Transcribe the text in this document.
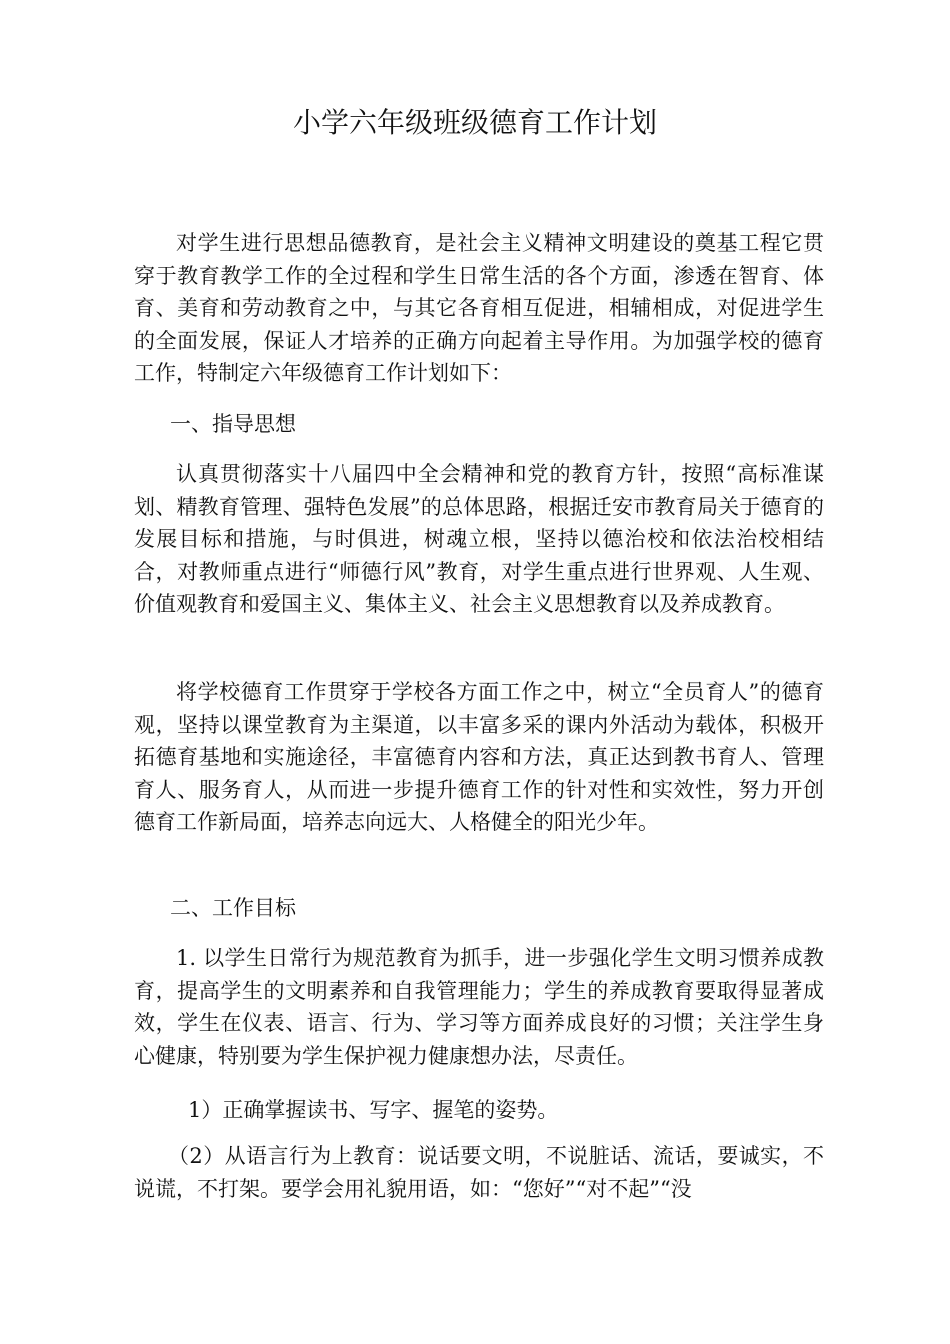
小学六年级班级德育工作计划

对学生进行思想品德教育，是社会主义精神文明建设的奠基工程它贯穿于教育教学工作的全过程和学生日常生活的各个方面，渗透在智育、体育、美育和劳动教育之中，与其它各育相互促进，相辅相成，对促进学生的全面发展，保证人才培养的正确方向起着主导作用。为加强学校的德育工作，特制定六年级德育工作计划如下：

一、指导思想

认真贯彻落实十八届四中全会精神和党的教育方针，按照“高标准谋划、精教育管理、强特色发展”的总体思路，根据迁安市教育局关于德育的发展目标和措施，与时俱进，树魂立根，坚持以德治校和依法治校相结合，对教师重点进行“师德行风”教育，对学生重点进行世界观、人生观、价值观教育和爱国主义、集体主义、社会主义思想教育以及养成教育。

将学校德育工作贯穿于学校各方面工作之中，树立“全员育人”的德育观，坚持以课堂教育为主渠道，以丰富多采的课内外活动为载体，积极开拓德育基地和实施途径，丰富德育内容和方法，真正达到教书育人、管理育人、服务育人，从而进一步提升德育工作的针对性和实效性，努力开创德育工作新局面，培养志向远大、人格健全的阳光少年。

二、工作目标

1. 以学生日常行为规范教育为抓手，进一步强化学生文明习惯养成教育，提高学生的文明素养和自我管理能力；学生的养成教育要取得显著成效，学生在仪表、语言、行为、学习等方面养成良好的习惯；关注学生身心健康，特别要为学生保护视力健康想办法，尽责任。

1）正确掌握读书、写字、握笔的姿势。

（2）从语言行为上教育：说话要文明，不说脏话、流话，要诚实，不说谎，不打架。要学会用礼貌用语，如：“您好”“对不起”“没
